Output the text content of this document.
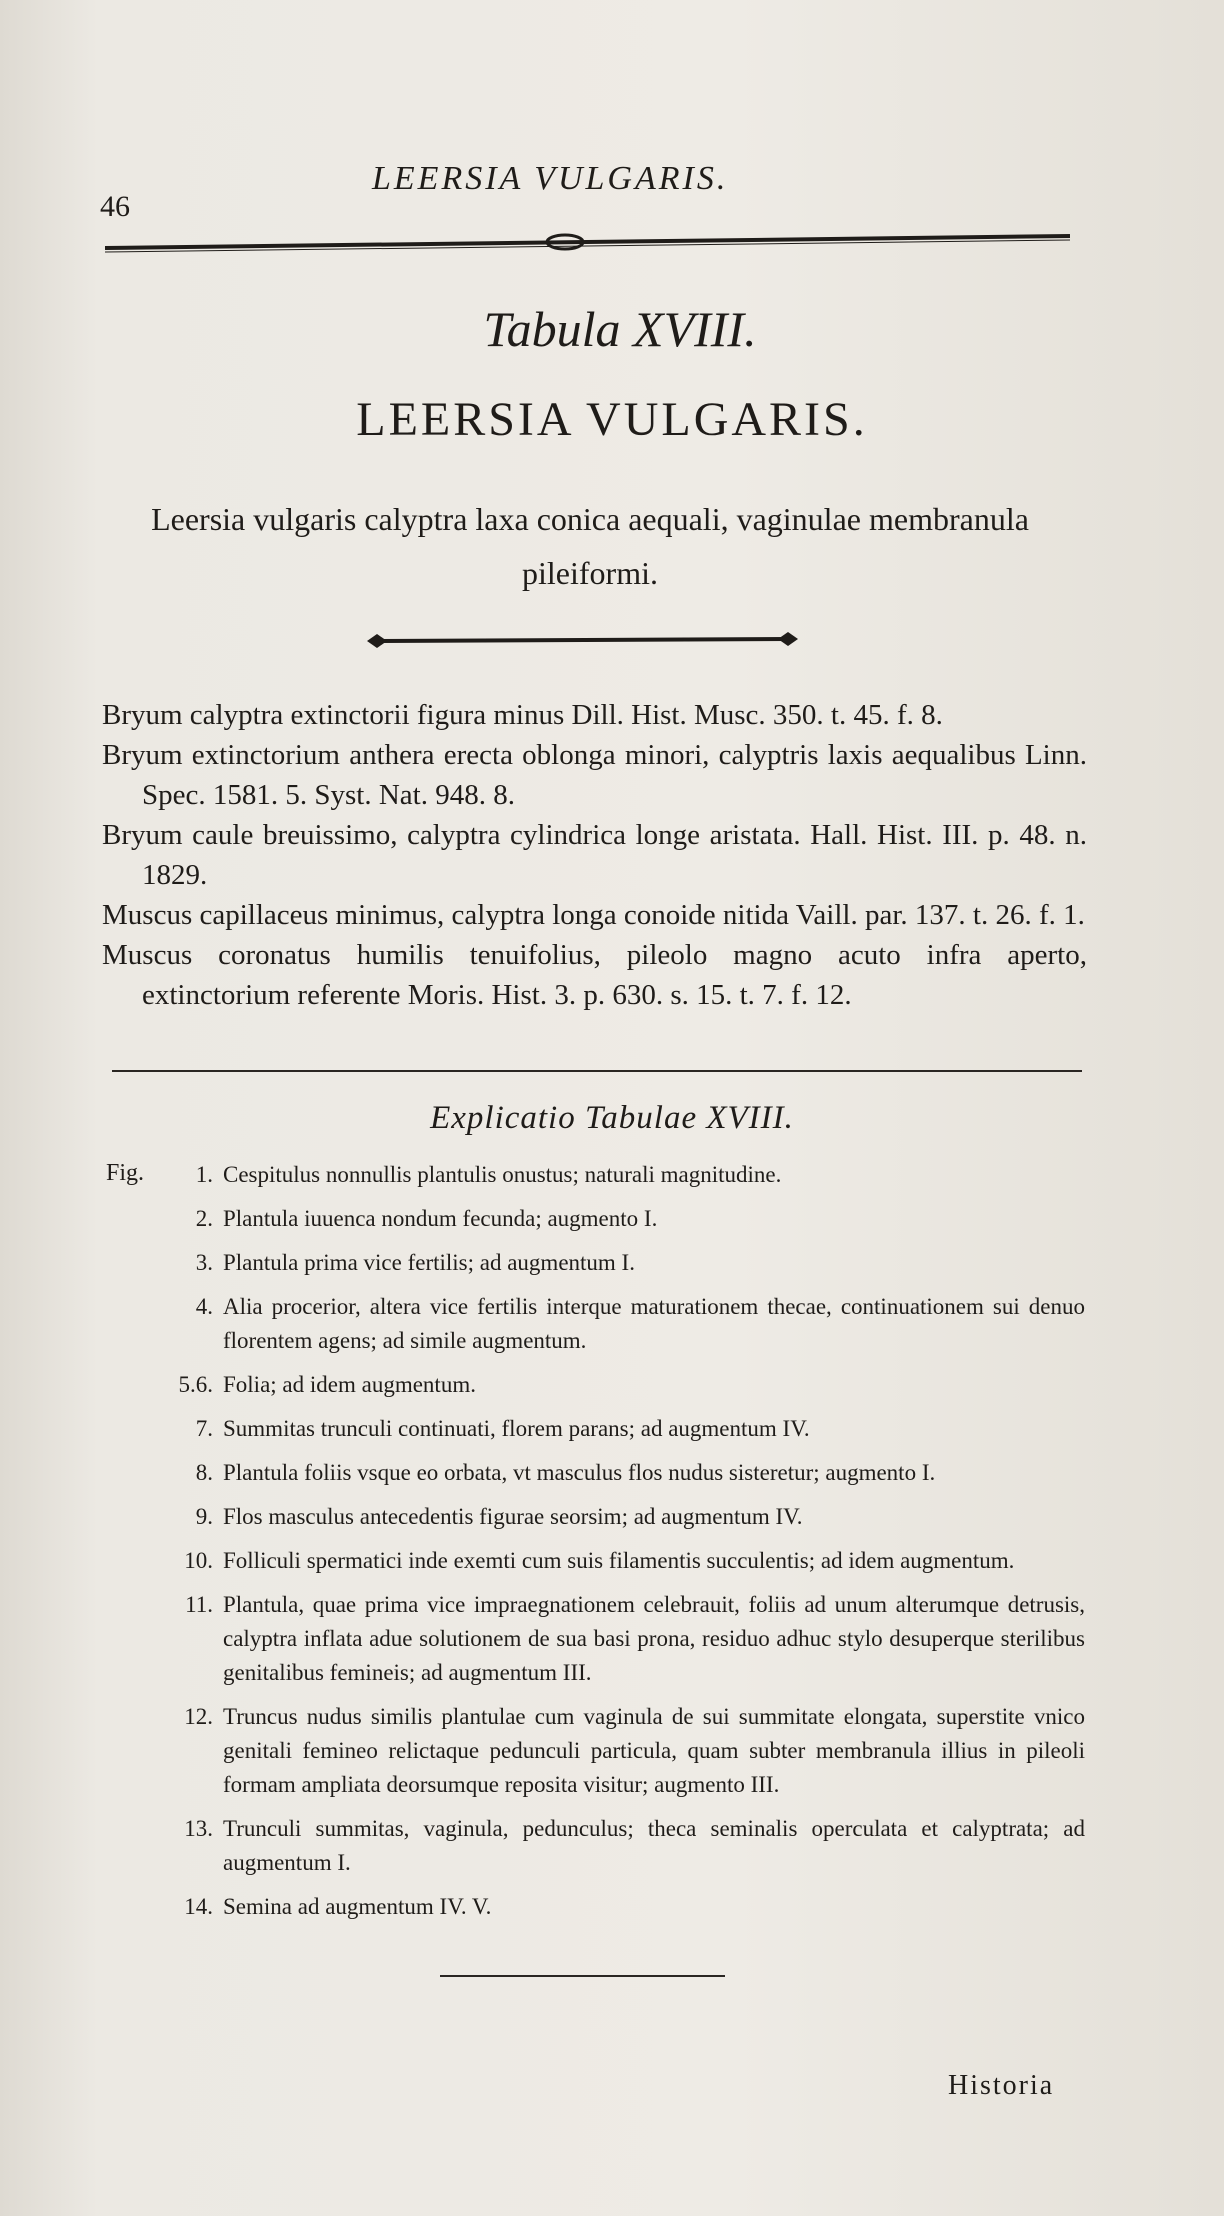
46
LEERSIA VULGARIS.
Tabula XVIII.
LEERSIA VULGARIS.
Leersia vulgaris calyptra laxa conica aequali, vaginulae membranula pileiformi.
Bryum calyptra extinctorii figura minus Dill. Hist. Musc. 350. t. 45. f. 8.
Bryum extinctorium anthera erecta oblonga minori, calyptris laxis aequalibus Linn. Spec. 1581. 5. Syst. Nat. 948. 8.
Bryum caule breuissimo, calyptra cylindrica longe aristata. Hall. Hist. III. p. 48. n. 1829.
Muscus capillaceus minimus, calyptra longa conoide nitida Vaill. par. 137. t. 26. f. 1.
Muscus coronatus humilis tenuifolius, pileolo magno acuto infra aperto, extinctorium referente Moris. Hist. 3. p. 630. s. 15. t. 7. f. 12.
Explicatio Tabulae XVIII.
Fig.	1. Cespitulus nonnullis plantulis onustus; naturali magnitudine.
2. Plantula iuuenca nondum fecunda; augmento I.
3. Plantula prima vice fertilis; ad augmentum I.
4. Alia procerior, altera vice fertilis interque maturationem thecae, continuationem sui denuo florentem agens; ad simile augmentum.
5.6. Folia; ad idem augmentum.
7. Summitas trunculi continuati, florem parans; ad augmentum IV.
8. Plantula foliis vsque eo orbata, vt masculus flos nudus sisteretur; augmento I.
9. Flos masculus antecedentis figurae seorsim; ad augmentum IV.
10. Folliculi spermatici inde exemti cum suis filamentis succulentis; ad idem augmentum.
11. Plantula, quae prima vice impraegnationem celebrauit, foliis ad unum alterumque detrusis, calyptra inflata adue solutionem de sua basi prona, residuo adhuc stylo desuperque sterilibus genitalibus femineis; ad augmentum III.
12. Truncus nudus similis plantulae cum vaginula de sui summitate elongata, superstite vnico genitali femineo relictaque pedunculi particula, quam subter membranula illius in pileoli formam ampliata deorsumque reposita visitur; augmento III.
13. Trunculi summitas, vaginula, pedunculus; theca seminalis operculata et calyptrata; ad augmentum I.
14. Semina ad augmentum IV. V.
Historia
